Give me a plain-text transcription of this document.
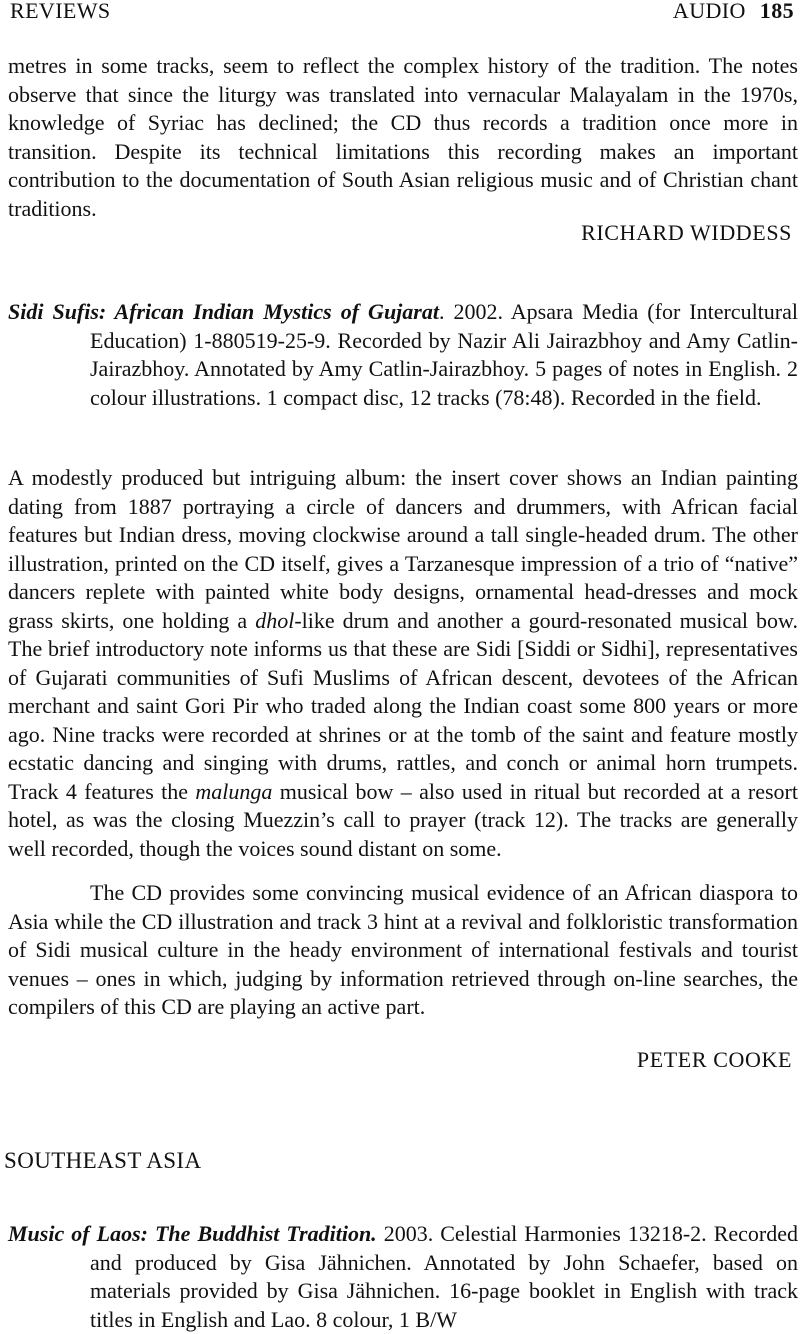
REVIEWS	AUDIO 185
metres in some tracks, seem to reflect the complex history of the tradition. The notes observe that since the liturgy was translated into vernacular Malayalam in the 1970s, knowledge of Syriac has declined; the CD thus records a tradition once more in transition. Despite its technical limitations this recording makes an important contribution to the documentation of South Asian religious music and of Christian chant traditions.
RICHARD WIDDESS
Sidi Sufis: African Indian Mystics of Gujarat. 2002. Apsara Media (for Intercultural Education) 1-880519-25-9. Recorded by Nazir Ali Jairazbhoy and Amy Catlin-Jairazbhoy. Annotated by Amy Catlin-Jairazbhoy. 5 pages of notes in English. 2 colour illustrations. 1 compact disc, 12 tracks (78:48). Recorded in the field.
A modestly produced but intriguing album: the insert cover shows an Indian painting dating from 1887 portraying a circle of dancers and drummers, with African facial features but Indian dress, moving clockwise around a tall single-headed drum. The other illustration, printed on the CD itself, gives a Tarzanesque impression of a trio of “native” dancers replete with painted white body designs, ornamental head-dresses and mock grass skirts, one holding a dhol-like drum and another a gourd-resonated musical bow. The brief introductory note informs us that these are Sidi [Siddi or Sidhi], representatives of Gujarati communities of Sufi Muslims of African descent, devotees of the African merchant and saint Gori Pir who traded along the Indian coast some 800 years or more ago. Nine tracks were recorded at shrines or at the tomb of the saint and feature mostly ecstatic dancing and singing with drums, rattles, and conch or animal horn trumpets. Track 4 features the malunga musical bow – also used in ritual but recorded at a resort hotel, as was the closing Muezzin’s call to prayer (track 12). The tracks are generally well recorded, though the voices sound distant on some.
The CD provides some convincing musical evidence of an African diaspora to Asia while the CD illustration and track 3 hint at a revival and folkloristic transformation of Sidi musical culture in the heady environment of international festivals and tourist venues – ones in which, judging by information retrieved through on-line searches, the compilers of this CD are playing an active part.
PETER COOKE
SOUTHEAST ASIA
Music of Laos: The Buddhist Tradition. 2003. Celestial Harmonies 13218-2. Recorded and produced by Gisa Jähnichen. Annotated by John Schaefer, based on materials provided by Gisa Jähnichen. 16-page booklet in English with track titles in English and Lao. 8 colour, 1 B/W
